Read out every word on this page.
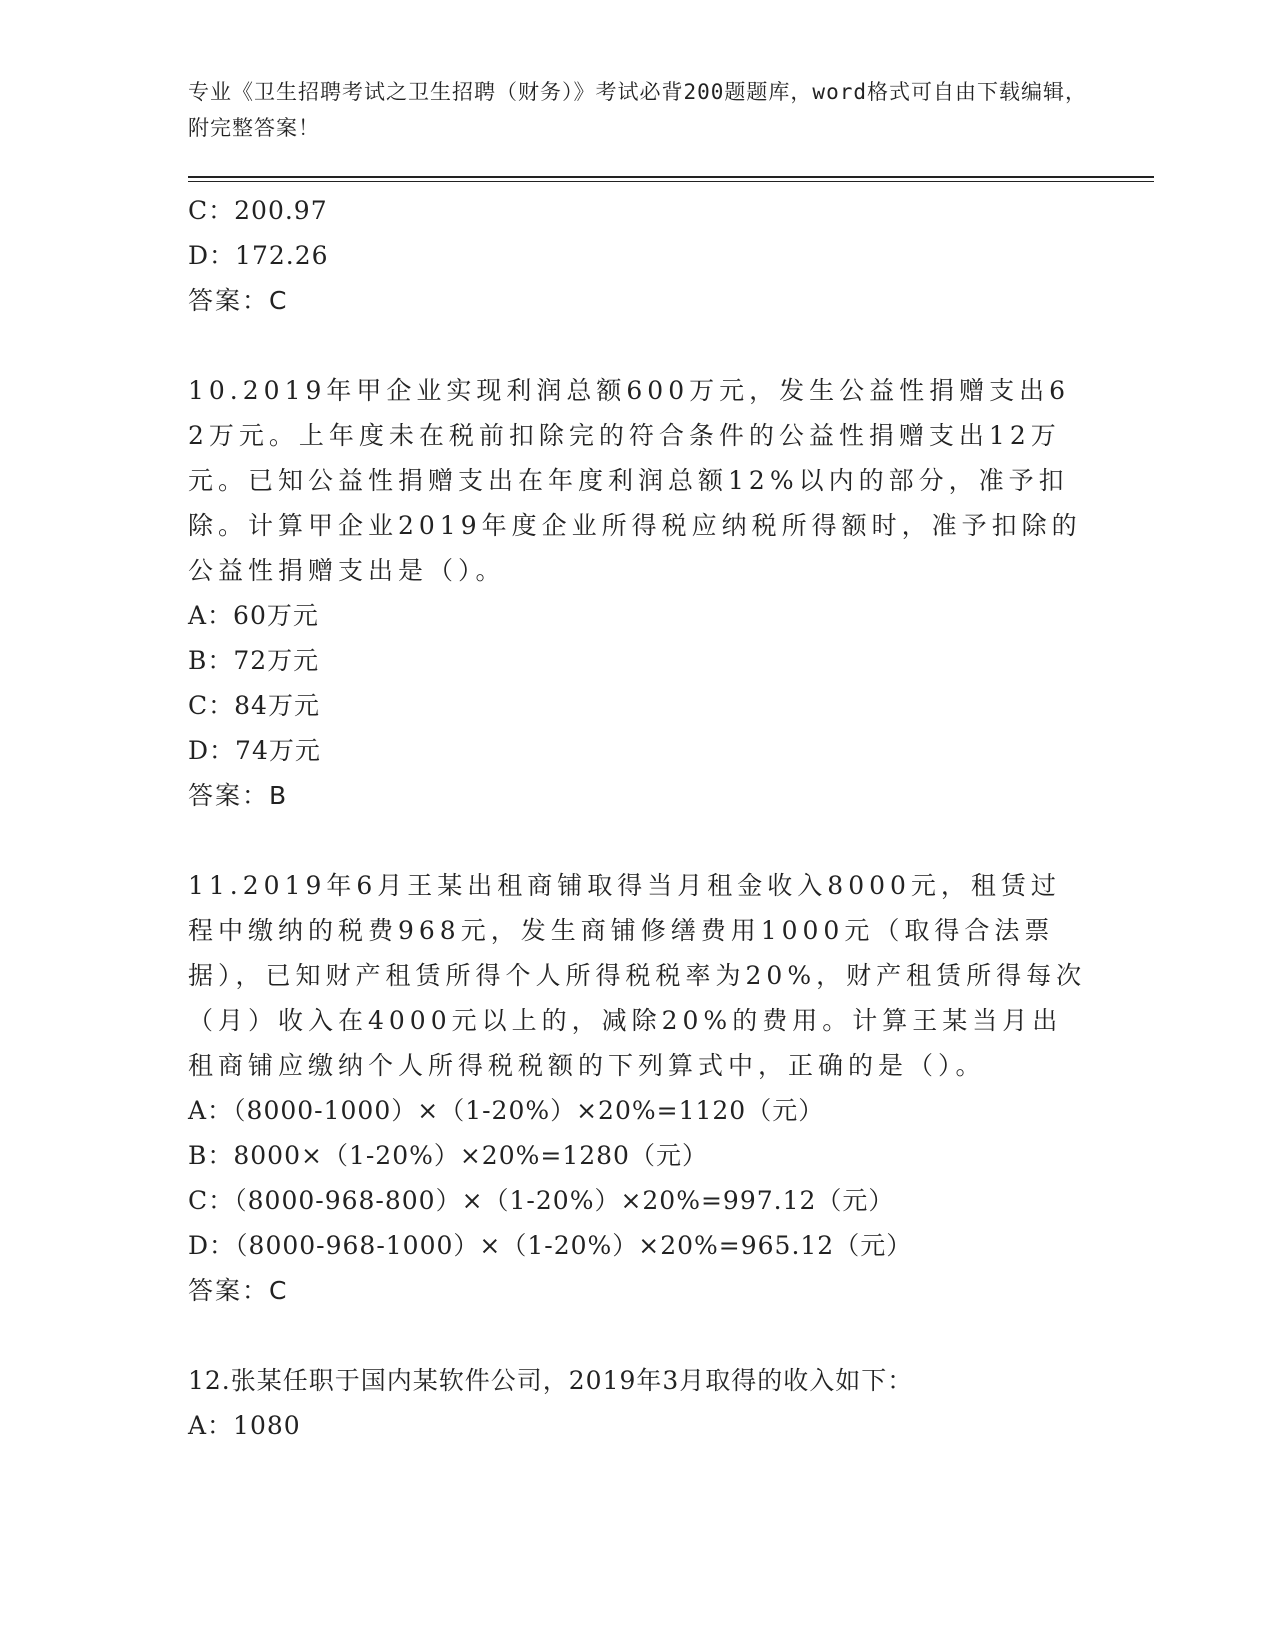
专业《卫生招聘考试之卫生招聘（财务）》考试必背200题题库，word格式可自由下载编辑，附完整答案！
C：200.97
D：172.26
答案：C
10.2019年甲企业实现利润总额600万元，发生公益性捐赠支出62万元。上年度未在税前扣除完的符合条件的公益性捐赠支出12万元。已知公益性捐赠支出在年度利润总额12%以内的部分，准予扣除。计算甲企业2019年度企业所得税应纳税所得额时，准予扣除的公益性捐赠支出是（）。
A：60万元
B：72万元
C：84万元
D：74万元
答案：B
11.2019年6月王某出租商铺取得当月租金收入8000元，租赁过程中缴纳的税费968元，发生商铺修缮费用1000元（取得合法票据），已知财产租赁所得个人所得税税率为20%，财产租赁所得每次（月）收入在4000元以上的，减除20%的费用。计算王某当月出租商铺应缴纳个人所得税税额的下列算式中，正确的是（）。
A：（8000-1000）×（1-20%）×20%=1120（元）
B：8000×（1-20%）×20%=1280（元）
C：（8000-968-800）×（1-20%）×20%=997.12（元）
D：（8000-968-1000）×（1-20%）×20%=965.12（元）
答案：C
12.张某任职于国内某软件公司，2019年3月取得的收入如下：
A：1080
